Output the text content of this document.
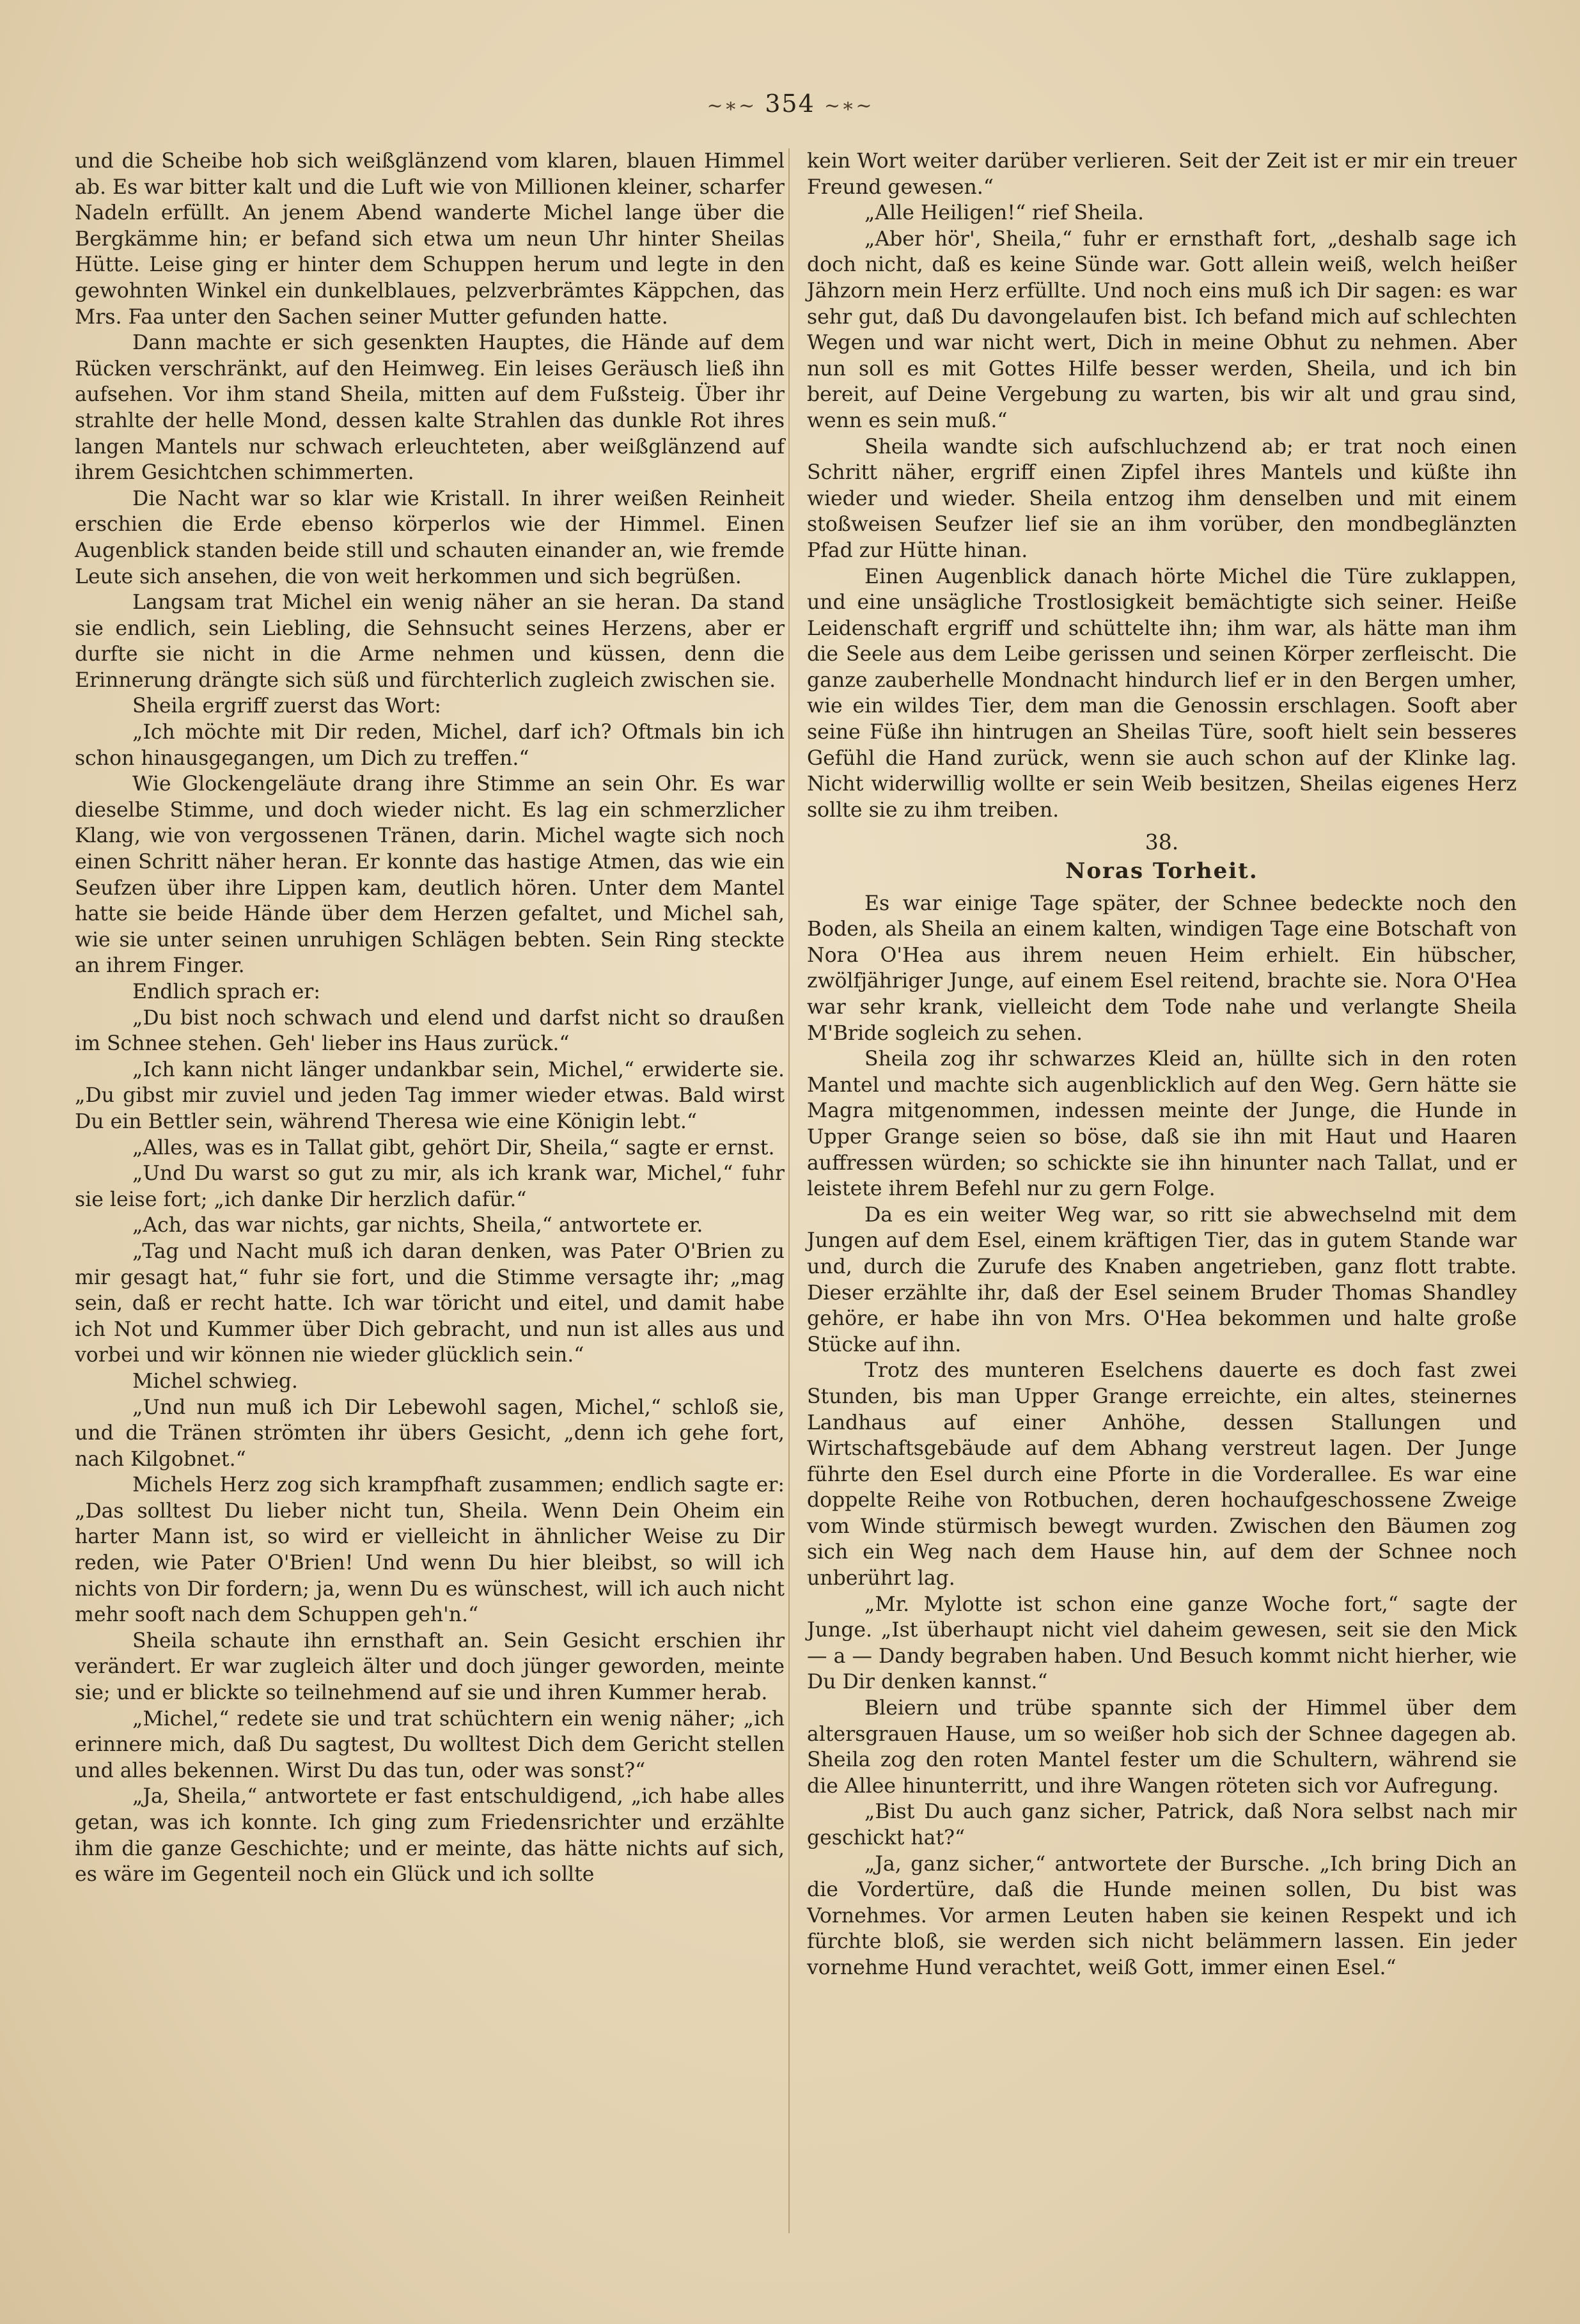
~∗~ 354 ~∗~

und die Scheibe hob sich weißglänzend vom klaren, blauen Himmel ab. Es war bitter kalt und die Luft wie von Millionen kleiner, scharfer Nadeln erfüllt. An jenem Abend wanderte Michel lange über die Bergkämme hin; er befand sich etwa um neun Uhr hinter Sheilas Hütte. Leise ging er hinter dem Schuppen herum und legte in den gewohnten Winkel ein dunkelblaues, pelzverbrämtes Käppchen, das Mrs. Faa unter den Sachen seiner Mutter gefunden hatte.

Dann machte er sich gesenkten Hauptes, die Hände auf dem Rücken verschränkt, auf den Heimweg. Ein leises Geräusch ließ ihn aufsehen. Vor ihm stand Sheila, mitten auf dem Fußsteig. Über ihr strahlte der helle Mond, dessen kalte Strahlen das dunkle Rot ihres langen Mantels nur schwach erleuchteten, aber weißglänzend auf ihrem Gesichtchen schimmerten.

Die Nacht war so klar wie Kristall. In ihrer weißen Reinheit erschien die Erde ebenso körperlos wie der Himmel. Einen Augenblick standen beide still und schauten einander an, wie fremde Leute sich ansehen, die von weit herkommen und sich begrüßen.

Langsam trat Michel ein wenig näher an sie heran. Da stand sie endlich, sein Liebling, die Sehnsucht seines Herzens, aber er durfte sie nicht in die Arme nehmen und küssen, denn die Erinnerung drängte sich süß und fürchterlich zugleich zwischen sie.

Sheila ergriff zuerst das Wort:

„Ich möchte mit Dir reden, Michel, darf ich? Oftmals bin ich schon hinausgegangen, um Dich zu treffen.“

Wie Glockengeläute drang ihre Stimme an sein Ohr. Es war dieselbe Stimme, und doch wieder nicht. Es lag ein schmerzlicher Klang, wie von vergossenen Tränen, darin. Michel wagte sich noch einen Schritt näher heran. Er konnte das hastige Atmen, das wie ein Seufzen über ihre Lippen kam, deutlich hören. Unter dem Mantel hatte sie beide Hände über dem Herzen gefaltet, und Michel sah, wie sie unter seinen unruhigen Schlägen bebten. Sein Ring steckte an ihrem Finger.

Endlich sprach er:

„Du bist noch schwach und elend und darfst nicht so draußen im Schnee stehen. Geh' lieber ins Haus zurück.“

„Ich kann nicht länger undankbar sein, Michel,“ erwiderte sie. „Du gibst mir zuviel und jeden Tag immer wieder etwas. Bald wirst Du ein Bettler sein, während Theresa wie eine Königin lebt.“

„Alles, was es in Tallat gibt, gehört Dir, Sheila,“ sagte er ernst.

„Und Du warst so gut zu mir, als ich krank war, Michel,“ fuhr sie leise fort; „ich danke Dir herzlich dafür.“

„Ach, das war nichts, gar nichts, Sheila,“ antwortete er.

„Tag und Nacht muß ich daran denken, was Pater O'Brien zu mir gesagt hat,“ fuhr sie fort, und die Stimme versagte ihr; „mag sein, daß er recht hatte. Ich war töricht und eitel, und damit habe ich Not und Kummer über Dich gebracht, und nun ist alles aus und vorbei und wir können nie wieder glücklich sein.“

Michel schwieg.

„Und nun muß ich Dir Lebewohl sagen, Michel,“ schloß sie, und die Tränen strömten ihr übers Gesicht, „denn ich gehe fort, nach Kilgobnet.“

Michels Herz zog sich krampfhaft zusammen; endlich sagte er: „Das solltest Du lieber nicht tun, Sheila. Wenn Dein Oheim ein harter Mann ist, so wird er vielleicht in ähnlicher Weise zu Dir reden, wie Pater O'Brien! Und wenn Du hier bleibst, so will ich nichts von Dir fordern; ja, wenn Du es wünschest, will ich auch nicht mehr sooft nach dem Schuppen geh'n.“

Sheila schaute ihn ernsthaft an. Sein Gesicht erschien ihr verändert. Er war zugleich älter und doch jünger geworden, meinte sie; und er blickte so teilnehmend auf sie und ihren Kummer herab.

„Michel,“ redete sie und trat schüchtern ein wenig näher; „ich erinnere mich, daß Du sagtest, Du wolltest Dich dem Gericht stellen und alles bekennen. Wirst Du das tun, oder was sonst?“

„Ja, Sheila,“ antwortete er fast entschuldigend, „ich habe alles getan, was ich konnte. Ich ging zum Friedensrichter und erzählte ihm die ganze Geschichte; und er meinte, das hätte nichts auf sich, es wäre im Gegenteil noch ein Glück und ich sollte

kein Wort weiter darüber verlieren. Seit der Zeit ist er mir ein treuer Freund gewesen.“

„Alle Heiligen!“ rief Sheila.

„Aber hör', Sheila,“ fuhr er ernsthaft fort, „deshalb sage ich doch nicht, daß es keine Sünde war. Gott allein weiß, welch heißer Jähzorn mein Herz erfüllte. Und noch eins muß ich Dir sagen: es war sehr gut, daß Du davongelaufen bist. Ich befand mich auf schlechten Wegen und war nicht wert, Dich in meine Obhut zu nehmen. Aber nun soll es mit Gottes Hilfe besser werden, Sheila, und ich bin bereit, auf Deine Vergebung zu warten, bis wir alt und grau sind, wenn es sein muß.“

Sheila wandte sich aufschluchzend ab; er trat noch einen Schritt näher, ergriff einen Zipfel ihres Mantels und küßte ihn wieder und wieder. Sheila entzog ihm denselben und mit einem stoßweisen Seufzer lief sie an ihm vorüber, den mondbeglänzten Pfad zur Hütte hinan.

Einen Augenblick danach hörte Michel die Türe zuklappen, und eine unsägliche Trostlosigkeit bemächtigte sich seiner. Heiße Leidenschaft ergriff und schüttelte ihn; ihm war, als hätte man ihm die Seele aus dem Leibe gerissen und seinen Körper zerfleischt. Die ganze zauberhelle Mondnacht hindurch lief er in den Bergen umher, wie ein wildes Tier, dem man die Genossin erschlagen. Sooft aber seine Füße ihn hintrugen an Sheilas Türe, sooft hielt sein besseres Gefühl die Hand zurück, wenn sie auch schon auf der Klinke lag. Nicht widerwillig wollte er sein Weib besitzen, Sheilas eigenes Herz sollte sie zu ihm treiben.

38.
Noras Torheit.

Es war einige Tage später, der Schnee bedeckte noch den Boden, als Sheila an einem kalten, windigen Tage eine Botschaft von Nora O'Hea aus ihrem neuen Heim erhielt. Ein hübscher, zwölfjähriger Junge, auf einem Esel reitend, brachte sie. Nora O'Hea war sehr krank, vielleicht dem Tode nahe und verlangte Sheila M'Bride sogleich zu sehen.

Sheila zog ihr schwarzes Kleid an, hüllte sich in den roten Mantel und machte sich augenblicklich auf den Weg. Gern hätte sie Magra mitgenommen, indessen meinte der Junge, die Hunde in Upper Grange seien so böse, daß sie ihn mit Haut und Haaren auffressen würden; so schickte sie ihn hinunter nach Tallat, und er leistete ihrem Befehl nur zu gern Folge.

Da es ein weiter Weg war, so ritt sie abwechselnd mit dem Jungen auf dem Esel, einem kräftigen Tier, das in gutem Stande war und, durch die Zurufe des Knaben angetrieben, ganz flott trabte. Dieser erzählte ihr, daß der Esel seinem Bruder Thomas Shandley gehöre, er habe ihn von Mrs. O'Hea bekommen und halte große Stücke auf ihn.

Trotz des munteren Eselchens dauerte es doch fast zwei Stunden, bis man Upper Grange erreichte, ein altes, steinernes Landhaus auf einer Anhöhe, dessen Stallungen und Wirtschaftsgebäude auf dem Abhang verstreut lagen. Der Junge führte den Esel durch eine Pforte in die Vorderallee. Es war eine doppelte Reihe von Rotbuchen, deren hochaufgeschossene Zweige vom Winde stürmisch bewegt wurden. Zwischen den Bäumen zog sich ein Weg nach dem Hause hin, auf dem der Schnee noch unberührt lag.

„Mr. Mylotte ist schon eine ganze Woche fort,“ sagte der Junge. „Ist überhaupt nicht viel daheim gewesen, seit sie den Mick — a — Dandy begraben haben. Und Besuch kommt nicht hierher, wie Du Dir denken kannst.“

Bleiern und trübe spannte sich der Himmel über dem altersgrauen Hause, um so weißer hob sich der Schnee dagegen ab. Sheila zog den roten Mantel fester um die Schultern, während sie die Allee hinunterritt, und ihre Wangen röteten sich vor Aufregung.

„Bist Du auch ganz sicher, Patrick, daß Nora selbst nach mir geschickt hat?“

„Ja, ganz sicher,“ antwortete der Bursche. „Ich bring Dich an die Vordertüre, daß die Hunde meinen sollen, Du bist was Vornehmes. Vor armen Leuten haben sie keinen Respekt und ich fürchte bloß, sie werden sich nicht belämmern lassen. Ein jeder vornehme Hund verachtet, weiß Gott, immer einen Esel.“
